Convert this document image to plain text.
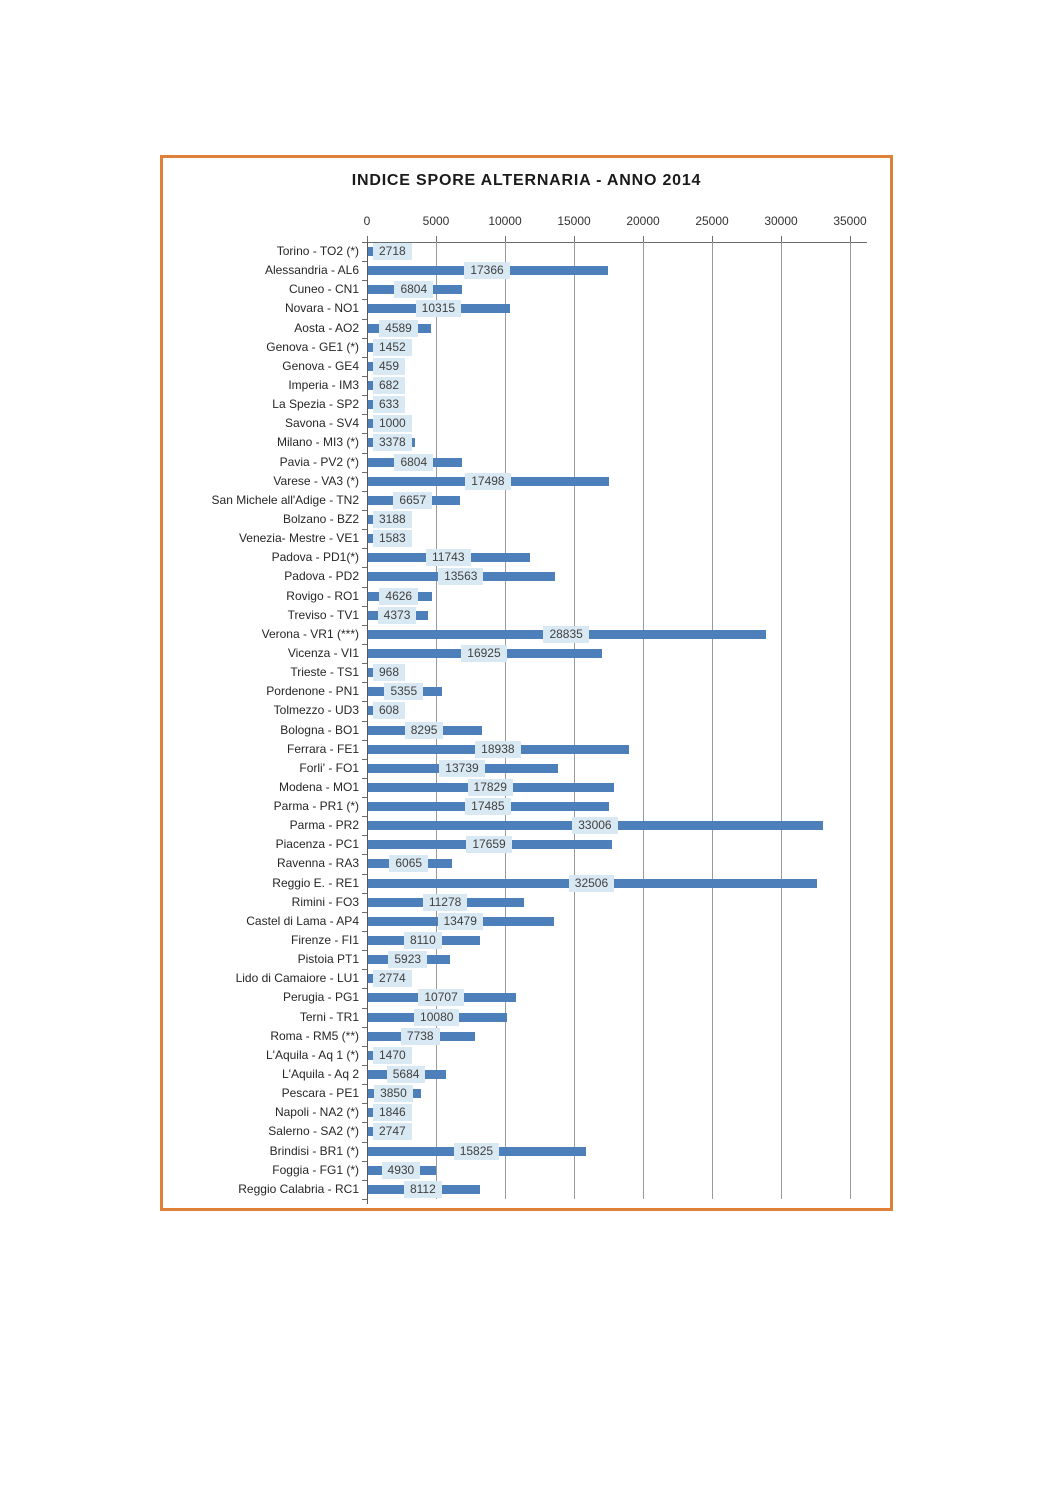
INDICE SPORE ALTERNARIA - ANNO 2014
0	5000	10000	15000	20000	25000	30000	35000
Torino - TO2 (*)	2718
Alessandria - AL6	17366
Cuneo - CN1	6804
Novara - NO1	10315
Aosta - AO2	4589
Genova - GE1 (*)	1452
Genova - GE4	459
Imperia - IM3	682
La Spezia - SP2	633
Savona - SV4	1000
Milano - MI3 (*)	3378
Pavia - PV2 (*)	6804
Varese - VA3 (*)	17498
San Michele all'Adige - TN2	6657
Bolzano - BZ2	3188
Venezia- Mestre - VE1	1583
Padova - PD1(*)	11743
Padova - PD2	13563
Rovigo - RO1	4626
Treviso - TV1	4373
Verona - VR1 (***)	28835
Vicenza - VI1	16925
Trieste - TS1	968
Pordenone - PN1	5355
Tolmezzo - UD3	608
Bologna - BO1	8295
Ferrara - FE1	18938
Forli' - FO1	13739
Modena - MO1	17829
Parma - PR1 (*)	17485
Parma - PR2	33006
Piacenza - PC1	17659
Ravenna - RA3	6065
Reggio E. - RE1	32506
Rimini - FO3	11278
Castel di Lama - AP4	13479
Firenze - FI1	8110
Pistoia PT1	5923
Lido di Camaiore - LU1	2774
Perugia - PG1	10707
Terni - TR1	10080
Roma - RM5 (**)	7738
L'Aquila - Aq 1 (*)	1470
L'Aquila - Aq 2	5684
Pescara - PE1	3850
Napoli - NA2 (*)	1846
Salerno - SA2 (*)	2747
Brindisi - BR1 (*)	15825
Foggia - FG1 (*)	4930
Reggio Calabria - RC1	8112
